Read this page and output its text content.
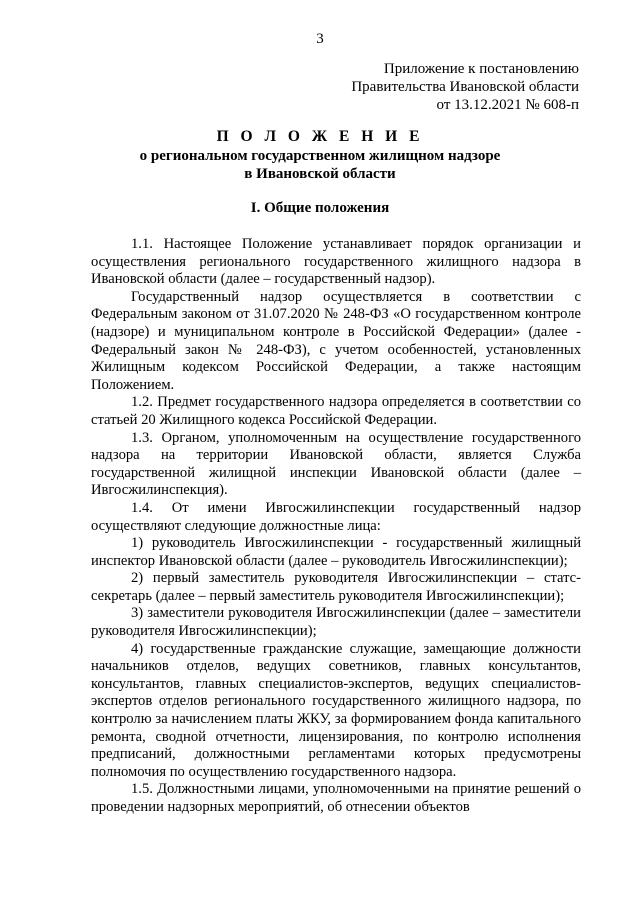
3
Приложение к постановлению
Правительства Ивановской области
от 13.12.2021 № 608-п
П О Л О Ж Е Н И Е
о региональном государственном жилищном надзоре
в Ивановской области
I. Общие положения

1.1. Настоящее Положение устанавливает порядок организации и осуществления регионального государственного жилищного надзора в Ивановской области (далее – государственный надзор).

Государственный надзор осуществляется в соответствии с Федеральным законом от 31.07.2020 № 248-ФЗ «О государственном контроле (надзоре) и муниципальном контроле в Российской Федерации» (далее - Федеральный закон № 248-ФЗ), с учетом особенностей, установленных Жилищным кодексом Российской Федерации, а также настоящим Положением.

1.2. Предмет государственного надзора определяется в соответствии со статьей 20 Жилищного кодекса Российской Федерации.

1.3. Органом, уполномоченным на осуществление государственного надзора на территории Ивановской области, является Служба государственной жилищной инспекции Ивановской области (далее – Ивгосжилинспекция).

1.4. От имени Ивгосжилинспекции государственный надзор осуществляют следующие должностные лица:

1) руководитель Ивгосжилинспекции - государственный жилищный инспектор Ивановской области (далее – руководитель Ивгосжилинспекции);

2) первый заместитель руководителя Ивгосжилинспекции – статс-секретарь (далее – первый заместитель руководителя Ивгосжилинспекции);

3) заместители руководителя Ивгосжилинспекции (далее – заместители руководителя Ивгосжилинспекции);

4) государственные гражданские служащие, замещающие должности начальников отделов, ведущих советников, главных консультантов, консультантов, главных специалистов-экспертов, ведущих специалистов-экспертов отделов регионального государственного жилищного надзора, по контролю за начислением платы ЖКУ, за формированием фонда капитального ремонта, сводной отчетности, лицензирования, по контролю исполнения предписаний, должностными регламентами которых предусмотрены полномочия по осуществлению государственного надзора.

1.5. Должностными лицами, уполномоченными на принятие решений о проведении надзорных мероприятий, об отнесении объектов
